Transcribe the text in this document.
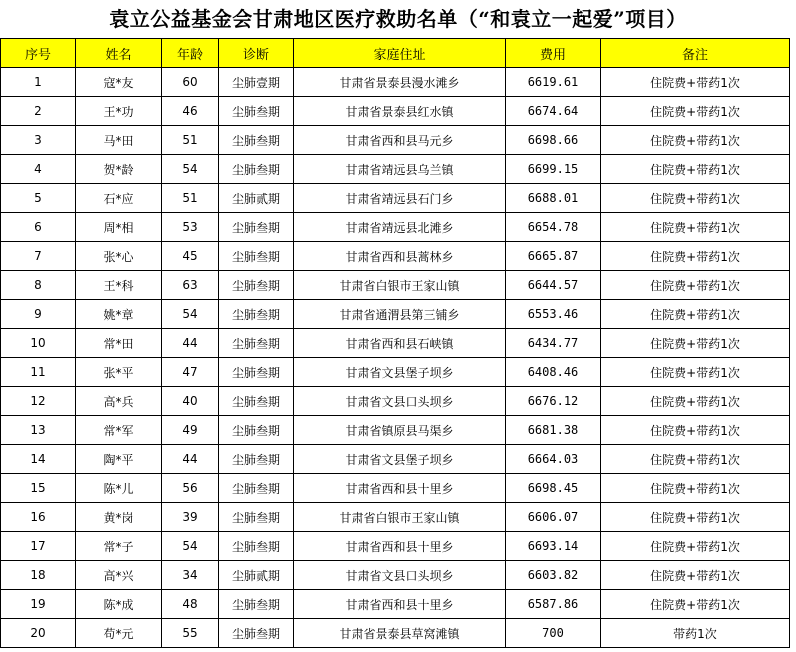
袁立公益基金会甘肃地区医疗救助名单（“和袁立一起爱”项目）
序号	姓名	年龄	诊断	家庭住址	费用	备注
1	寇*友	60	尘肺壹期	甘肃省景泰县漫水滩乡	6619.61	住院费+带药1次
2	王*功	46	尘肺叁期	甘肃省景泰县红水镇	6674.64	住院费+带药1次
3	马*田	51	尘肺叁期	甘肃省西和县马元乡	6698.66	住院费+带药1次
4	贺*龄	54	尘肺叁期	甘肃省靖远县乌兰镇	6699.15	住院费+带药1次
5	石*应	51	尘肺贰期	甘肃省靖远县石门乡	6688.01	住院费+带药1次
6	周*相	53	尘肺叁期	甘肃省靖远县北滩乡	6654.78	住院费+带药1次
7	张*心	45	尘肺叁期	甘肃省西和县蒿林乡	6665.87	住院费+带药1次
8	王*科	63	尘肺叁期	甘肃省白银市王家山镇	6644.57	住院费+带药1次
9	姚*章	54	尘肺叁期	甘肃省通渭县第三铺乡	6553.46	住院费+带药1次
10	常*田	44	尘肺叁期	甘肃省西和县石峡镇	6434.77	住院费+带药1次
11	张*平	47	尘肺叁期	甘肃省文县堡子坝乡	6408.46	住院费+带药1次
12	高*兵	40	尘肺叁期	甘肃省文县口头坝乡	6676.12	住院费+带药1次
13	常*军	49	尘肺叁期	甘肃省镇原县马渠乡	6681.38	住院费+带药1次
14	陶*平	44	尘肺叁期	甘肃省文县堡子坝乡	6664.03	住院费+带药1次
15	陈*儿	56	尘肺叁期	甘肃省西和县十里乡	6698.45	住院费+带药1次
16	黄*岗	39	尘肺叁期	甘肃省白银市王家山镇	6606.07	住院费+带药1次
17	常*子	54	尘肺叁期	甘肃省西和县十里乡	6693.14	住院费+带药1次
18	高*兴	34	尘肺贰期	甘肃省文县口头坝乡	6603.82	住院费+带药1次
19	陈*成	48	尘肺叁期	甘肃省西和县十里乡	6587.86	住院费+带药1次
20	苟*元	55	尘肺叁期	甘肃省景泰县草窝滩镇	700	带药1次
